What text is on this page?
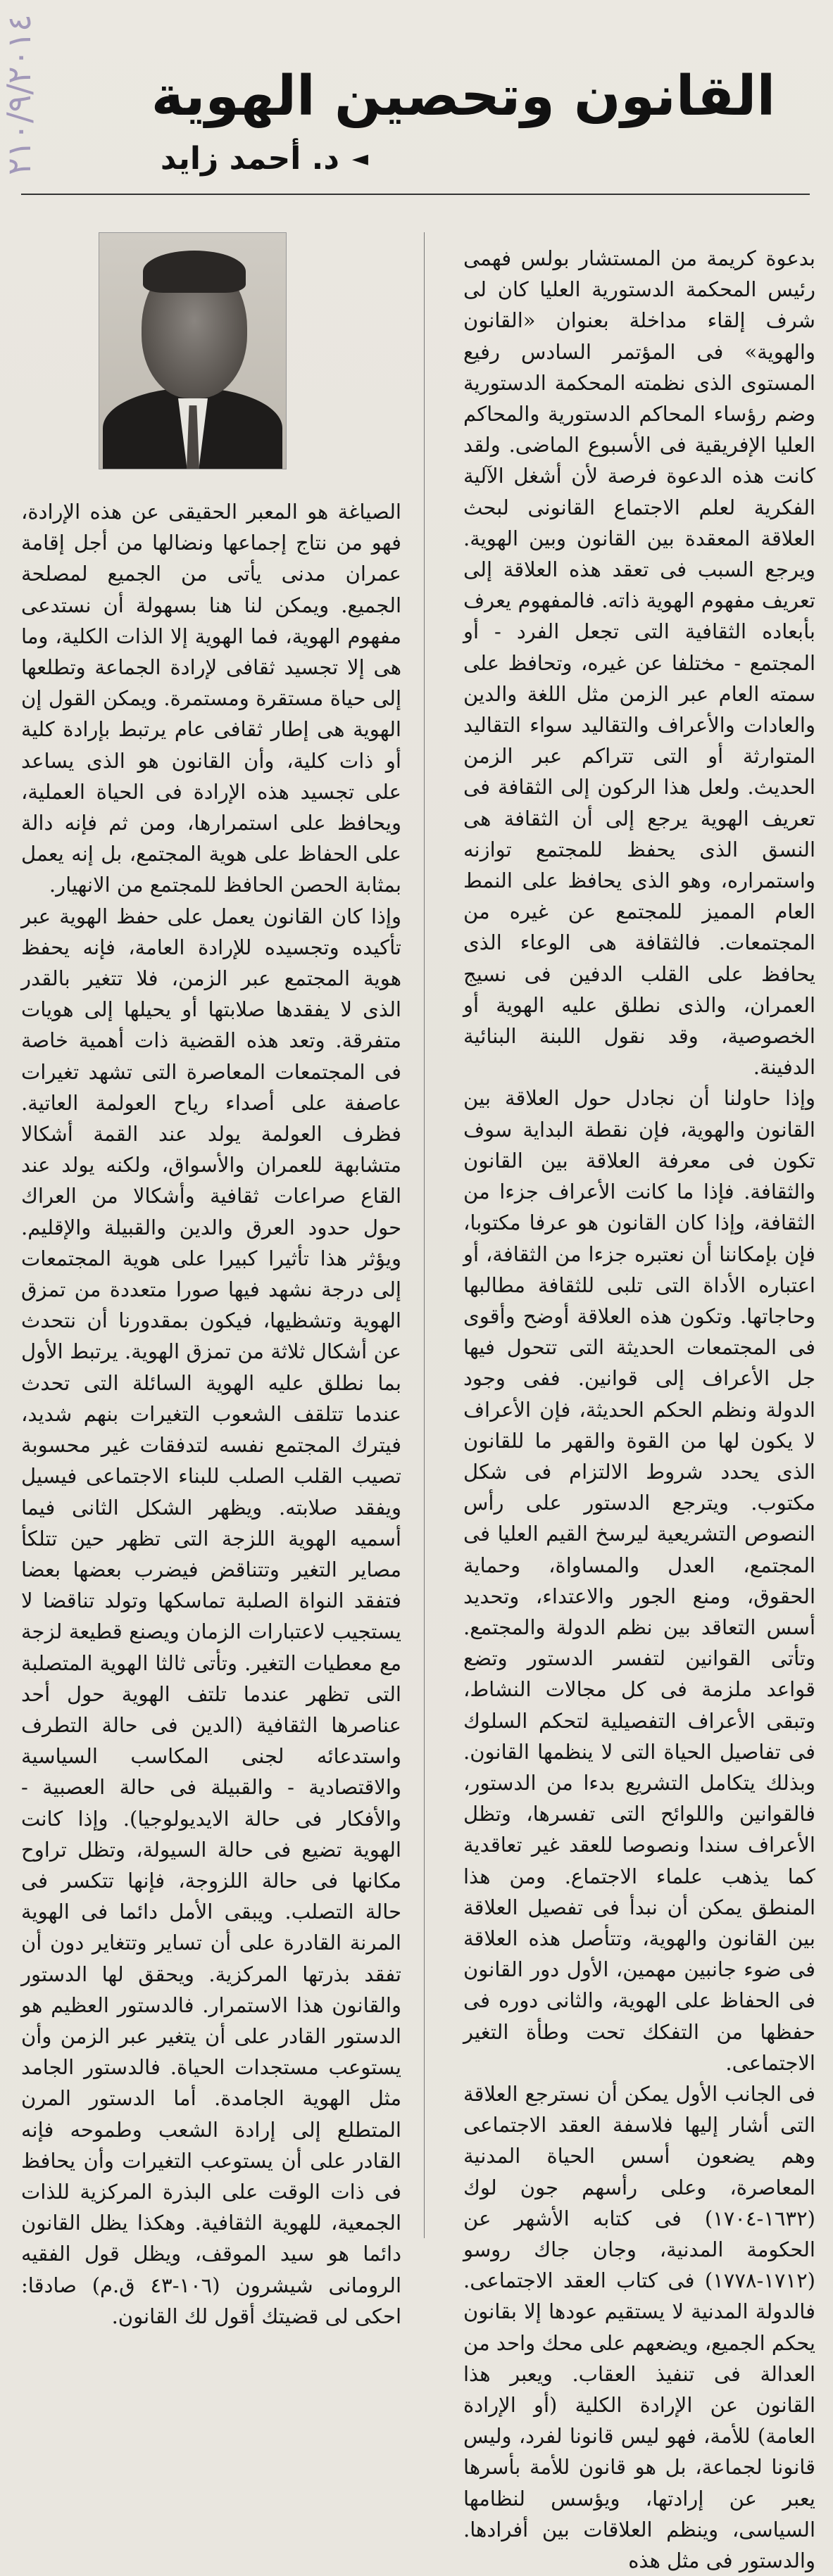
٢١٠/٩/٢٠١٤	القانون وتحصين الهوية
◄
د. أحمد زايد

بدعوة كريمة من المستشار بولس فهمى رئيس المحكمة الدستورية العليا كان لى شرف إلقاء مداخلة بعنوان «القانون والهوية» فى المؤتمر السادس رفيع المستوى الذى نظمته المحكمة الدستورية وضم رؤساء المحاكم الدستورية والمحاكم العليا الإفريقية فى الأسبوع الماضى. ولقد كانت هذه الدعوة فرصة لأن أشغل الآلية الفكرية لعلم الاجتماع القانونى لبحث العلاقة المعقدة بين القانون وبين الهوية. ويرجع السبب فى تعقد هذه العلاقة إلى تعريف مفهوم الهوية ذاته. فالمفهوم يعرف بأبعاده الثقافية التى تجعل الفرد - أو المجتمع - مختلفا عن غيره، وتحافظ على سمته العام عبر الزمن مثل اللغة والدين والعادات والأعراف والتقاليد سواء التقاليد المتوارثة أو التى تتراكم عبر الزمن الحديث. ولعل هذا الركون إلى الثقافة فى تعريف الهوية يرجع إلى أن الثقافة هى النسق الذى يحفظ للمجتمع توازنه واستمراره، وهو الذى يحافظ على النمط العام المميز للمجتمع عن غيره من المجتمعات. فالثقافة هى الوعاء الذى يحافظ على القلب الدفين فى نسيج العمران، والذى نطلق عليه الهوية أو الخصوصية، وقد نقول اللبنة البنائية الدفينة.

وإذا حاولنا أن نجادل حول العلاقة بين القانون والهوية، فإن نقطة البداية سوف تكون فى معرفة العلاقة بين القانون والثقافة. فإذا ما كانت الأعراف جزءا من الثقافة، وإذا كان القانون هو عرفا مكتوبا، فإن بإمكاننا أن نعتبره جزءا من الثقافة، أو اعتباره الأداة التى تلبى للثقافة مطالبها وحاجاتها. وتكون هذه العلاقة أوضح وأقوى فى المجتمعات الحديثة التى تتحول فيها جل الأعراف إلى قوانين. ففى وجود الدولة ونظم الحكم الحديثة، فإن الأعراف لا يكون لها من القوة والقهر ما للقانون الذى يحدد شروط الالتزام فى شكل مكتوب. ويترجع الدستور على رأس النصوص التشريعية ليرسخ القيم العليا فى المجتمع، العدل والمساواة، وحماية الحقوق، ومنع الجور والاعتداء، وتحديد أسس التعاقد بين نظم الدولة والمجتمع. وتأتى القوانين لتفسر الدستور وتضع قواعد ملزمة فى كل مجالات النشاط، وتبقى الأعراف التفصيلية لتحكم السلوك فى تفاصيل الحياة التى لا ينظمها القانون. وبذلك يتكامل التشريع بدءا من الدستور، فالقوانين واللوائح التى تفسرها، وتظل الأعراف سندا ونصوصا للعقد غير تعاقدية كما يذهب علماء الاجتماع. ومن هذا المنطق يمكن أن نبدأ فى تفصيل العلاقة بين القانون والهوية، وتتأصل هذه العلاقة فى ضوء جانبين مهمين، الأول دور القانون فى الحفاظ على الهوية، والثانى دوره فى حفظها من التفكك تحت وطأة التغير الاجتماعى.

فى الجانب الأول يمكن أن نسترجع العلاقة التى أشار إليها فلاسفة العقد الاجتماعى وهم يضعون أسس الحياة المدنية المعاصرة، وعلى رأسهم جون لوك (١٦٣٢-١٧٠٤) فى كتابه الأشهر عن الحكومة المدنية، وجان جاك روسو (١٧١٢-١٧٧٨) فى كتاب العقد الاجتماعى. فالدولة المدنية لا يستقيم عودها إلا بقانون يحكم الجميع، ويضعهم على محك واحد من العدالة فى تنفيذ العقاب. ويعبر هذا القانون عن الإرادة الكلية (أو الإرادة العامة) للأمة، فهو ليس قانونا لفرد، وليس قانونا لجماعة، بل هو قانون للأمة بأسرها يعبر عن إرادتها، ويؤسس لنظامها السياسى، وينظم العلاقات بين أفرادها. والدستور فى مثل هذه

الصياغة هو المعبر الحقيقى عن هذه الإرادة، فهو من نتاج إجماعها ونضالها من أجل إقامة عمران مدنى يأتى من الجميع لمصلحة الجميع. ويمكن لنا هنا بسهولة أن نستدعى مفهوم الهوية، فما الهوية إلا الذات الكلية، وما هى إلا تجسيد ثقافى لإرادة الجماعة وتطلعها إلى حياة مستقرة ومستمرة. ويمكن القول إن الهوية هى إطار ثقافى عام يرتبط بإرادة كلية أو ذات كلية، وأن القانون هو الذى يساعد على تجسيد هذه الإرادة فى الحياة العملية، ويحافظ على استمرارها، ومن ثم فإنه دالة على الحفاظ على هوية المجتمع، بل إنه يعمل بمثابة الحصن الحافظ للمجتمع من الانهيار.

وإذا كان القانون يعمل على حفظ الهوية عبر تأكيده وتجسيده للإرادة العامة، فإنه يحفظ هوية المجتمع عبر الزمن، فلا تتغير بالقدر الذى لا يفقدها صلابتها أو يحيلها إلى هويات متفرقة. وتعد هذه القضية ذات أهمية خاصة فى المجتمعات المعاصرة التى تشهد تغيرات عاصفة على أصداء رياح العولمة العاتية. فظرف العولمة يولد عند القمة أشكالا متشابهة للعمران والأسواق، ولكنه يولد عند القاع صراعات ثقافية وأشكالا من العراك حول حدود العرق والدين والقبيلة والإقليم. ويؤثر هذا تأثيرا كبيرا على هوية المجتمعات إلى درجة نشهد فيها صورا متعددة من تمزق الهوية وتشظيها، فيكون بمقدورنا أن نتحدث عن أشكال ثلاثة من تمزق الهوية. يرتبط الأول بما نطلق عليه الهوية السائلة التى تحدث عندما تتلقف الشعوب التغيرات بنهم شديد، فيترك المجتمع نفسه لتدفقات غير محسوبة تصيب القلب الصلب للبناء الاجتماعى فيسيل ويفقد صلابته. ويظهر الشكل الثانى فيما أسميه الهوية اللزجة التى تظهر حين تتلكأ مصاير التغير وتتناقض فيضرب بعضها بعضا فتفقد النواة الصلبة تماسكها وتولد تناقضا لا يستجيب لاعتبارات الزمان ويصنع قطيعة لزجة مع معطيات التغير. وتأتى ثالثا الهوية المتصلبة التى تظهر عندما تلتف الهوية حول أحد عناصرها الثقافية (الدين فى حالة التطرف واستدعائه لجنى المكاسب السياسية والاقتصادية - والقبيلة فى حالة العصبية - والأفكار فى حالة الايديولوجيا). وإذا كانت الهوية تضيع فى حالة السيولة، وتظل تراوح مكانها فى حالة اللزوجة، فإنها تتكسر فى حالة التصلب. ويبقى الأمل دائما فى الهوية المرنة القادرة على أن تساير وتتغاير دون أن تفقد بذرتها المركزية. ويحقق لها الدستور والقانون هذا الاستمرار. فالدستور العظيم هو الدستور القادر على أن يتغير عبر الزمن وأن يستوعب مستجدات الحياة. فالدستور الجامد مثل الهوية الجامدة. أما الدستور المرن المتطلع إلى إرادة الشعب وطموحه فإنه القادر على أن يستوعب التغيرات وأن يحافظ فى ذات الوقت على البذرة المركزية للذات الجمعية، للهوية الثقافية. وهكذا يظل القانون دائما هو سيد الموقف، ويظل قول الفقيه الرومانى شيشرون (١٠٦-٤٣ ق.م) صادقا: احكى لى قضيتك أقول لك القانون.
